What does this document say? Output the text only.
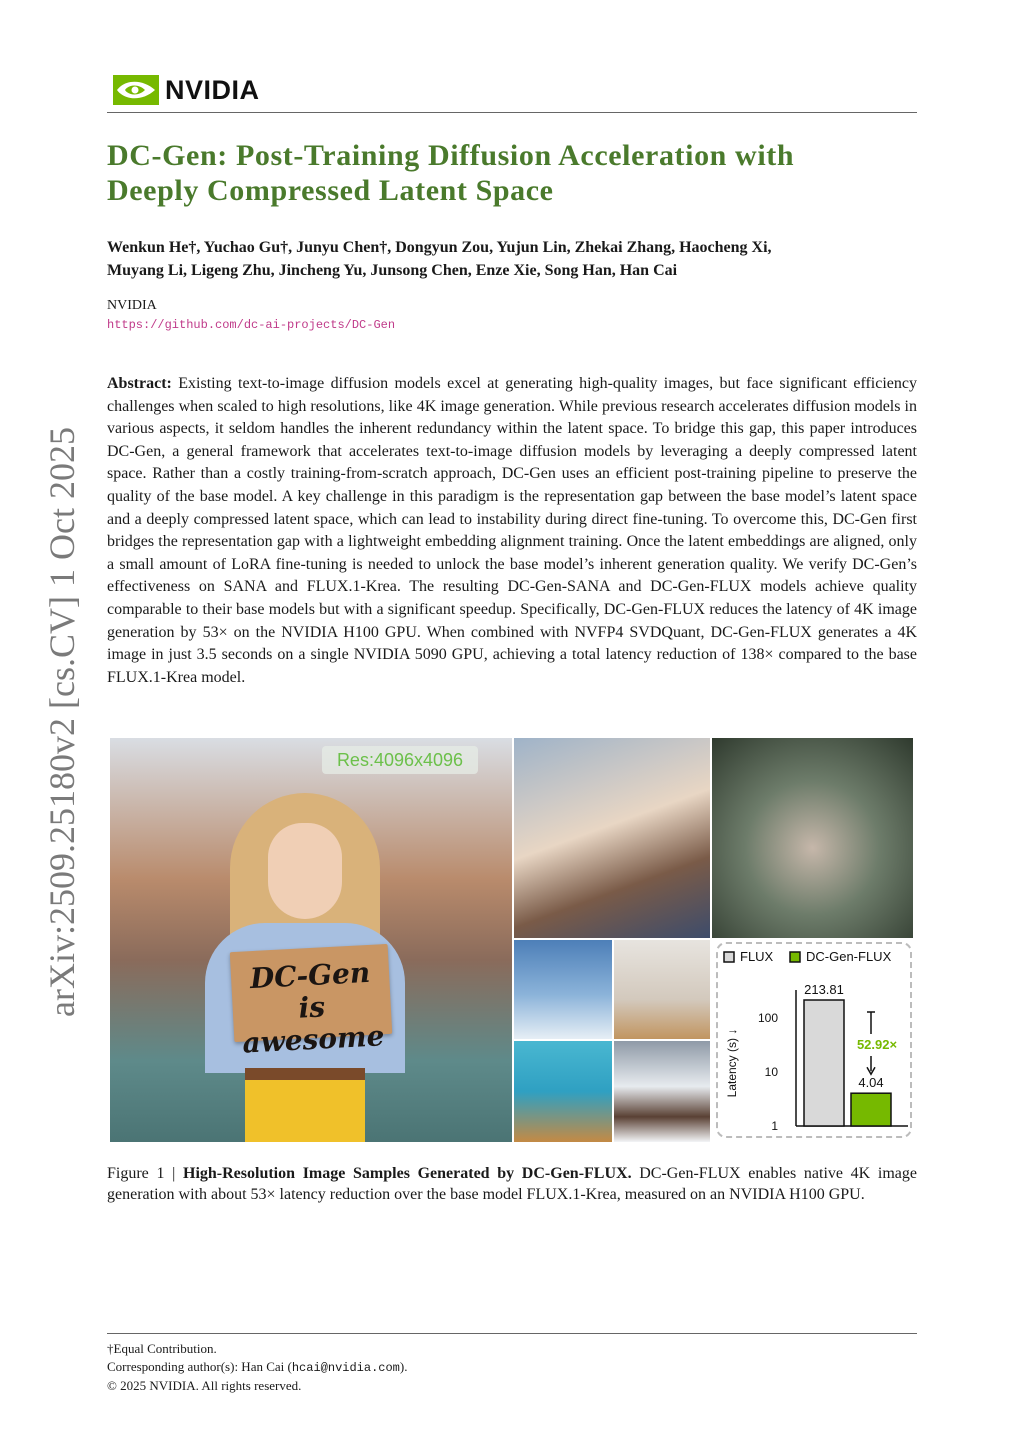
NVIDIA
arXiv:2509.25180v2 [cs.CV] 1 Oct 2025
DC-Gen: Post-Training Diffusion Acceleration with
Deeply Compressed Latent Space
Wenkun He†, Yuchao Gu†, Junyu Chen†, Dongyun Zou, Yujun Lin, Zhekai Zhang, Haocheng Xi,
Muyang Li, Ligeng Zhu, Jincheng Yu, Junsong Chen, Enze Xie, Song Han, Han Cai
NVIDIA
https://github.com/dc-ai-projects/DC-Gen
Abstract: Existing text-to-image diffusion models excel at generating high-quality images, but face significant efficiency challenges when scaled to high resolutions, like 4K image generation. While previous research accelerates diffusion models in various aspects, it seldom handles the inherent redundancy within the latent space. To bridge this gap, this paper introduces DC-Gen, a general framework that accelerates text-to-image diffusion models by leveraging a deeply compressed latent space. Rather than a costly training-from-scratch approach, DC-Gen uses an efficient post-training pipeline to preserve the quality of the base model. A key challenge in this paradigm is the representation gap between the base model’s latent space and a deeply compressed latent space, which can lead to instability during direct fine-tuning. To overcome this, DC-Gen first bridges the representation gap with a lightweight embedding alignment training. Once the latent embeddings are aligned, only a small amount of LoRA fine-tuning is needed to unlock the base model’s inherent generation quality. We verify DC-Gen’s effectiveness on SANA and FLUX.1-Krea. The resulting DC-Gen-SANA and DC-Gen-FLUX models achieve quality comparable to their base models but with a significant speedup. Specifically, DC-Gen-FLUX reduces the latency of 4K image generation by 53× on the NVIDIA H100 GPU. When combined with NVFP4 SVDQuant, DC-Gen-FLUX generates a 4K image in just 3.5 seconds on a single NVIDIA 5090 GPU, achieving a total latency reduction of 138× compared to the base FLUX.1-Krea model.
DC-Gen
is awesome
Res:4096x4096
FLUX	DC-Gen-FLUX
Latency (s) ↓
1
10
100
213.81
4.04
52.92×
Figure 1 | High-Resolution Image Samples Generated by DC-Gen-FLUX. DC-Gen-FLUX enables native 4K image generation with about 53× latency reduction over the base model FLUX.1-Krea, measured on an NVIDIA H100 GPU.
†Equal Contribution.
Corresponding author(s): Han Cai (hcai@nvidia.com).
© 2025 NVIDIA. All rights reserved.
